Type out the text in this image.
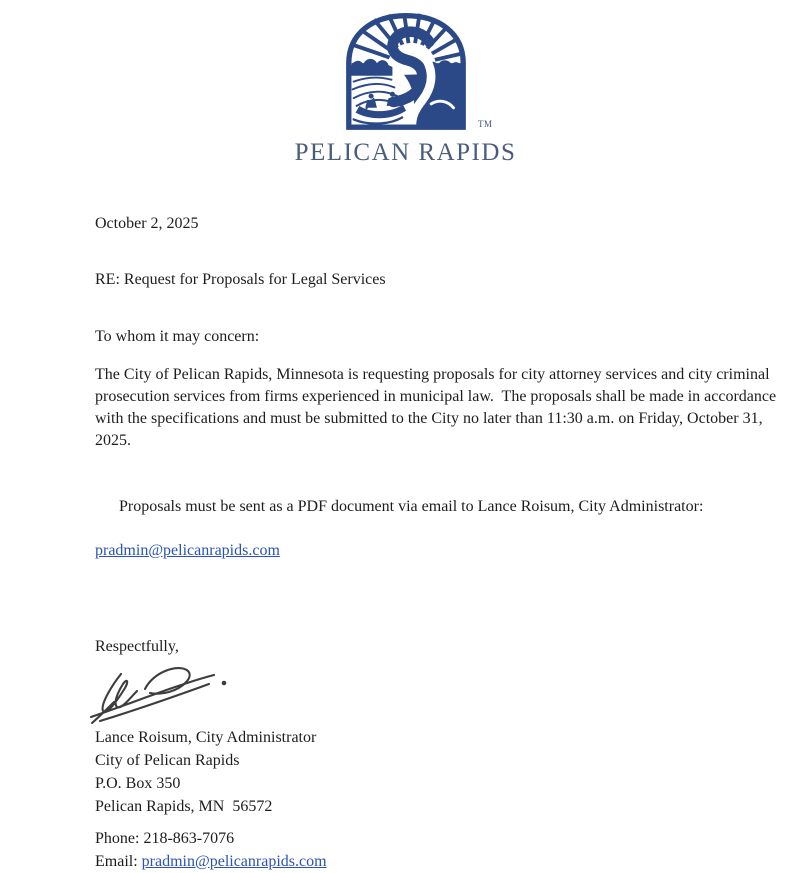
TM
PELICAN RAPIDS

October 2, 2025

RE: Request for Proposals for Legal Services

To whom it may concern:

The City of Pelican Rapids, Minnesota is requesting proposals for city attorney services and city criminal prosecution services from firms experienced in municipal law.  The proposals shall be made in accordance with the specifications and must be submitted to the City no later than 11:30 a.m. on Friday, October 31, 2025.

Proposals must be sent as a PDF document via email to Lance Roisum, City Administrator:

pradmin@pelicanrapids.com

Respectfully,

Lance Roisum, City Administrator

City of Pelican Rapids

P.O. Box 350

Pelican Rapids, MN  56572

Phone: 218-863-7076

Email: pradmin@pelicanrapids.com
